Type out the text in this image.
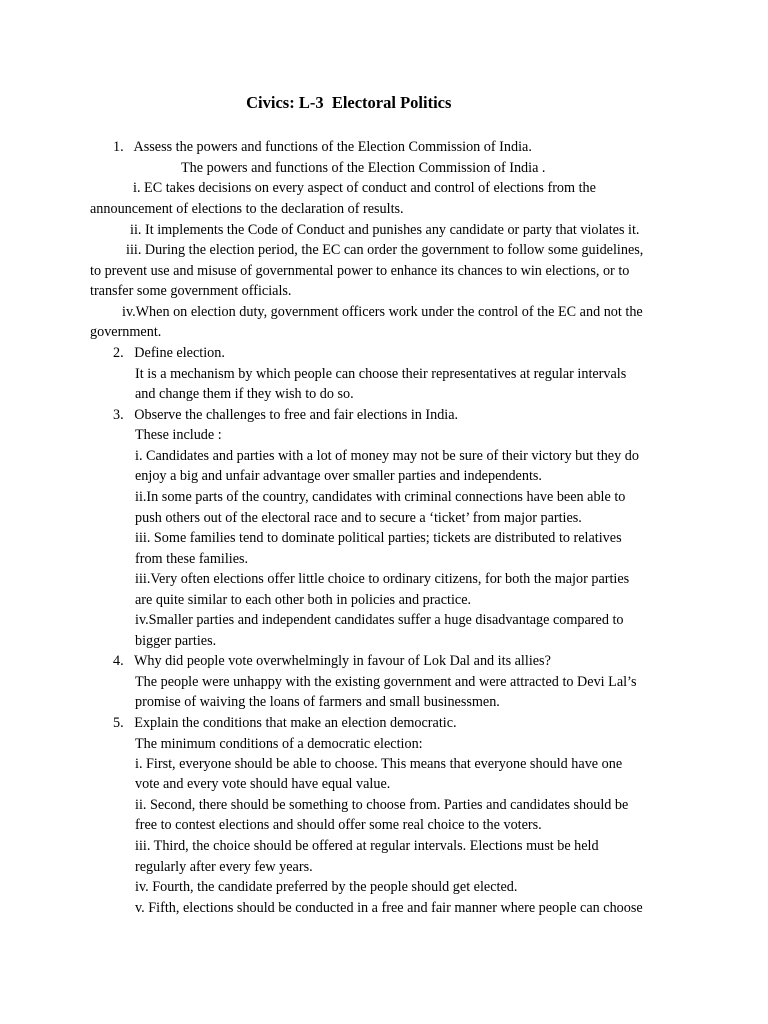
Civics: L-3  Electoral Politics
1.   Assess the powers and functions of the Election Commission of India.
The powers and functions of the Election Commission of India .
i. EC takes decisions on every aspect of conduct and control of elections from the
announcement of elections to the declaration of results.
ii. It implements the Code of Conduct and punishes any candidate or party that violates it.
iii. During the election period, the EC can order the government to follow some guidelines,
to prevent use and misuse of governmental power to enhance its chances to win elections, or to
transfer some government officials.
iv.When on election duty, government officers work under the control of the EC and not the
government.
2.   Define election.
It is a mechanism by which people can choose their representatives at regular intervals
and change them if they wish to do so.
3.   Observe the challenges to free and fair elections in India.
These include :
i. Candidates and parties with a lot of money may not be sure of their victory but they do
enjoy a big and unfair advantage over smaller parties and independents.
ii.In some parts of the country, candidates with criminal connections have been able to
push others out of the electoral race and to secure a ‘ticket’ from major parties.
iii. Some families tend to dominate political parties; tickets are distributed to relatives
from these families.
iii.Very often elections offer little choice to ordinary citizens, for both the major parties
are quite similar to each other both in policies and practice.
iv.Smaller parties and independent candidates suffer a huge disadvantage compared to
bigger parties.
4.   Why did people vote overwhelmingly in favour of Lok Dal and its allies?
The people were unhappy with the existing government and were attracted to Devi Lal’s
promise of waiving the loans of farmers and small businessmen.
5.   Explain the conditions that make an election democratic.
The minimum conditions of a democratic election:
i. First, everyone should be able to choose. This means that everyone should have one
vote and every vote should have equal value.
ii. Second, there should be something to choose from. Parties and candidates should be
free to contest elections and should offer some real choice to the voters.
iii. Third, the choice should be offered at regular intervals. Elections must be held
regularly after every few years.
iv. Fourth, the candidate preferred by the people should get elected.
v. Fifth, elections should be conducted in a free and fair manner where people can choose
